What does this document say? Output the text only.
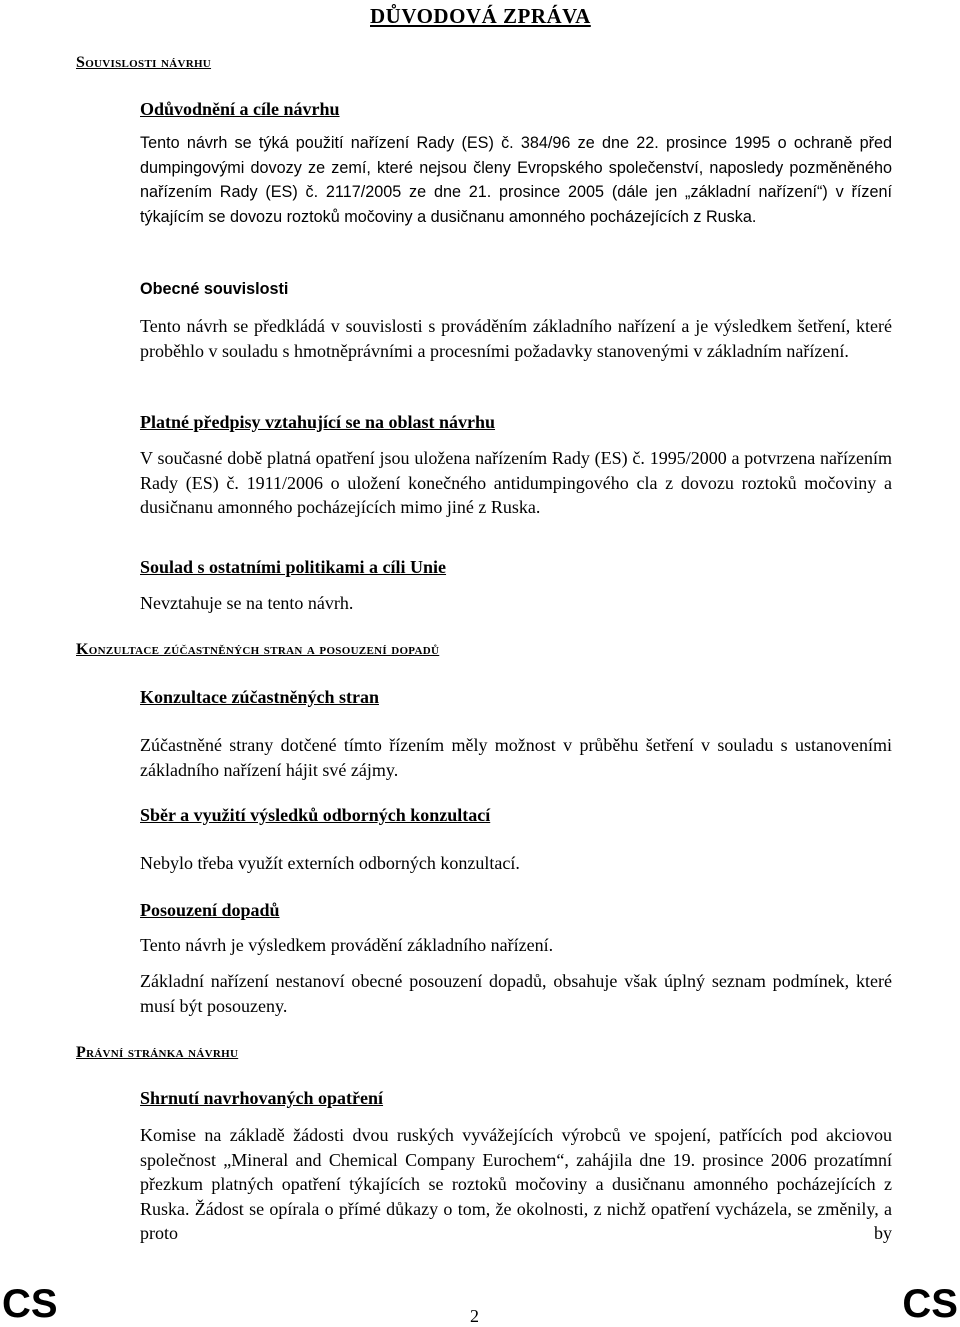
DŮVODOVÁ ZPRÁVA
Souvislosti návrhu
Odůvodnění a cíle návrhu
Tento návrh se týká použití nařízení Rady (ES) č. 384/96 ze dne 22. prosince 1995 o ochraně před dumpingovými dovozy ze zemí, které nejsou členy Evropského společenství, naposledy pozměněného nařízením Rady (ES) č. 2117/2005 ze dne 21. prosince 2005 (dále jen „základní nařízení“) v řízení týkajícím se dovozu roztoků močoviny a dusičnanu amonného pocházejících z Ruska.
Obecné souvislosti
Tento návrh se předkládá v souvislosti s prováděním základního nařízení a je výsledkem šetření, které proběhlo v souladu s hmotněprávními a procesními požadavky stanovenými v základním nařízení.
Platné předpisy vztahující se na oblast návrhu
V současné době platná opatření jsou uložena nařízením Rady (ES) č. 1995/2000 a potvrzena nařízením Rady (ES) č. 1911/2006 o uložení konečného antidumpingového cla z dovozu roztoků močoviny a dusičnanu amonného pocházejících mimo jiné z Ruska.
Soulad s ostatními politikami a cíli Unie
Nevztahuje se na tento návrh.
Konzultace zúčastněných stran a posouzení dopadů
Konzultace zúčastněných stran
Zúčastněné strany dotčené tímto řízením měly možnost v průběhu šetření v souladu s ustanoveními základního nařízení hájit své zájmy.
Sběr a využití výsledků odborných konzultací
Nebylo třeba využít externích odborných konzultací.
Posouzení dopadů
Tento návrh je výsledkem provádění základního nařízení.
Základní nařízení nestanoví obecné posouzení dopadů, obsahuje však úplný seznam podmínek, které musí být posouzeny.
Právní stránka návrhu
Shrnutí navrhovaných opatření
Komise na základě žádosti dvou ruských vyvážejících výrobců ve spojení, patřících pod akciovou společnost „Mineral and Chemical Company Eurochem“, zahájila dne 19. prosince 2006 prozatímní přezkum platných opatření týkajících se roztoků močoviny a dusičnanu amonného pocházejících z Ruska. Žádost se opírala o přímé důkazy o tom, že okolnosti, z nichž opatření vycházela, se změnily, a proto by
CS	2	CS
